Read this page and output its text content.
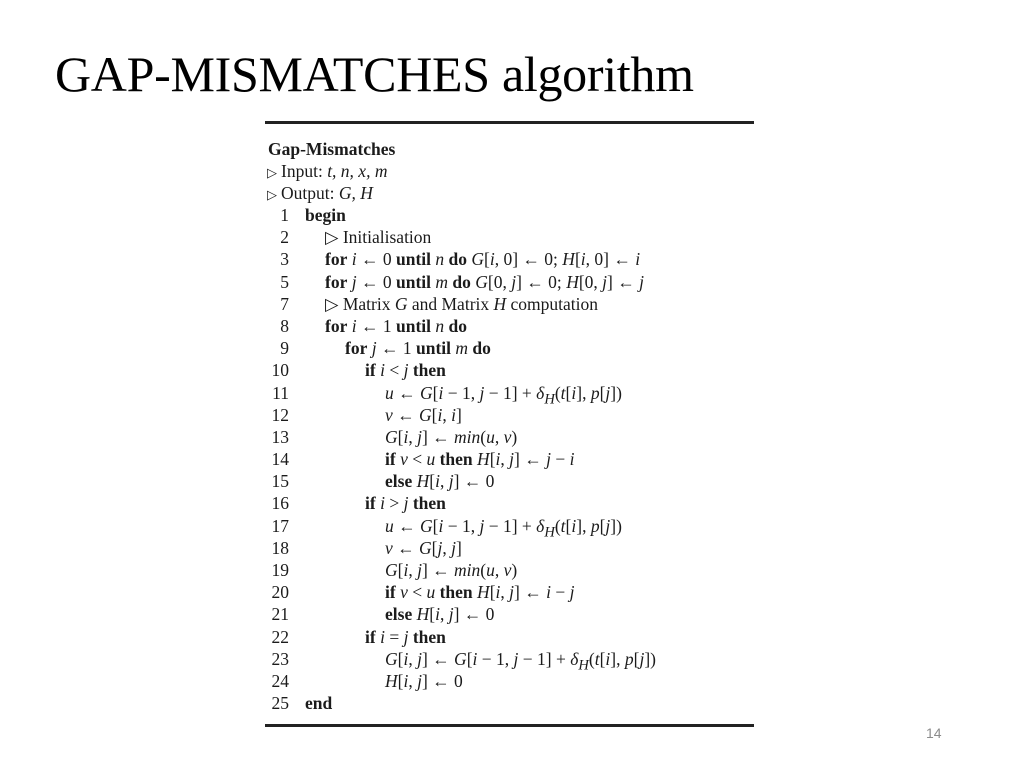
GAP-MISMATCHES algorithm
Gap-Mismatches
▷ Input: t, n, x, m
▷ Output: G, H
1 begin
2	▷ Initialisation
3	for i ← 0 until n do G[i, 0] ← 0; H[i, 0] ← i
5	for j ← 0 until m do G[0, j] ← 0; H[0, j] ← j
7	▷ Matrix G and Matrix H computation
8	for i ← 1 until n do
9	for j ← 1 until m do
10	if i < j then
11	u ← G[i − 1, $j - 1] + \delta_H(t[i]$, p[j])
12	v ← G[i, i]
13	G[i, j] ← min(u, v)
14	if v < u then H[i, j] ← j − i
15	else H[i, j] ← 0
16	if i > j then
17	u ← G[i − 1, $j - 1] + \delta_H(t[i]$, p[j])
18	v ← G[j, j]
19	G[i, j] ← min(u, v)
20	if v < u then H[i, j] ← i − j
21	else H[i, j] ← 0
22	if i = j then
23	G[i, j] ← G[i − 1, $j - 1] + \delta_H(t[i]$, p[j])
24	H[i, j] ← 0
25 end
14
